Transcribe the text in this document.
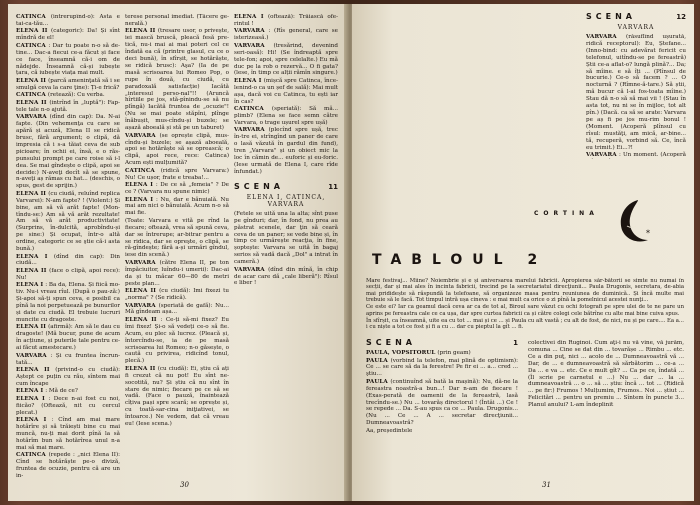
CATINCA (intrerupînd-o): Ăsta e tai-ca-tău...

ELENA II (categoric): Da! Și sînt mîndră de el!

CATINCA : Dar tu poate n-o să de-tine... Dac-a fiecui ce-a făcut și face ce face, înseamnă că-i om de nădejde. Înseamnă că-și iubește țara, că iubește viața mai mult.

ELENA II (parcă ameninţată să i se smulgă ceva la care ţine): Ți-e frică?

CATINCA (retează): Cu verba.

ELENA II (intrînd în „luptă"): Fap-tele tale n-o ajută.

VARVARA (dînd din cap): Da. N-ai fapte. (Din vehemenţa cu care se apără și acuză, Elena II se ridică brusc, fără argument; o clipă, dă impresia că i s-a tăiat ceva de sub picioare; în ochii ei, însă, e o răs-punsului prompt pe care roise să i-l dea. Se mai gîndește o clipă, apoi se decide:) N-aveţi decît să se spune, n-aveţi aș rămas cu hat... (deschis, o spus, gest de sprijin.)

ELENA II (cu ciudă, reluînd replica Varvarei): N-am fapte? ! (Violent:) Și bine, am să vă arăt fapte! (Mon-tîndu-se:) Am să vă arăt rezultate! Am să vă arăt productivitate! (Surprins, în-dulcită, aprobîndu-și pe sine:) Și ocupat, într-o altă ordine, categoric ce se ştie că-i asta bună.)

ELENA I (dînd din cap): Din ciudă...

ELENA II (face o clipă, apoi rece): Nu!

ELENA I : Ba da, Elena. Și fiică mo-tiv. Nu-i vreau rîul. (Dupã o pau-ză:) Și-apoi să-ți spun ceva, e posibil ca pînă la noi perpetuează pe bunurilor și date cu ciudă. El trebuie lucruri muncite cu dragoste.

ELENA II (afirmă): Am să le dau cu dragoste! (Mă bucur, pune de acum în acțiune, și puterile tale pentru ce-ai făcut amestecare.)

VARVARA : Și cu fruntea încrun-tată...

ELENA II (privind-o cu ciudă): Aștept ce puțin cu rău, sîntem mai cum încape

ELENA I : Mă de ce?

ELENA I : Dece n-ai fost cu noi, fiicăo? (Oftează, nit cu cercul plecat.)

ELENA I : Cînd am mai mare hotărîre și să trăiești bine cu mai muncă, nu-ți mai dorit pînă la să hotărîm bun să hotărîrea unul n-a mai să mai mare.

CATINCA (repede : „nici Elena II): Cînd se hotărăște pe-o diviză, fruntea de ocuzie, pentru că are un in-

terese personal imediat. (Tăcere ge-nerală.)

ELENA II (tresare usor, o privește, iei mască bruscă, pleacă fesă pre-tică, nu-i mai ai mai poteri cel ce îndată ea că (printre glasul, cu ce o deci bună), în sfîrșit, se hotărăște, se ridică brusc): Aşa? (Ia de pe masă scrisoarea lui Romeo Pop, o rupe în două, cu ciudă, cu paradoxală satisfacție) Iacătă „interesul perso-nal"!! (Aruncă hîrtiile pe jos, stă-pînindu-se să nu plîngă) Iacătă fruntea de „ocuzie"! (Nu se mai poate stăpîni, plînge înăbușit, mus-cîndu-și buzele; se așază aboeală și stă pe un taburet)

VARVARA (se oprește clipă, mus-cîndu-și buzele; se așază aboeală, apoi se hotărăște să se oprească; o clipă, apoi rece, rece: Catinca) Acum ești mulțumită?

CATINCA (ridică spre Varvara:) Nu! Ce ușor, frate e treaba!...

ELENA I : De ce să „femeia" ? De ce ? (Varvara nu spune nimic)

ELENA I : Nu, dar e bănuială. Nu mai am nici o bănuială. Acum n-o să mai fie.

(Toate: Varvara e vită pe rînd la fiecare; oftează, vrea să spună ceva, dar se întrerupe; ar-bitrar pentru a se ridica, dar se opreşte, o clipă, se ră-gîndește; fără a-și urmări gîndul, iese din scenă.)

VARVARA (către Elena II, pe ton împăciuitor, luîndu-i umerii): Dac-ai da și tu măcar 60—80 de metri peste plan...

ELENA II (cu ciudă): Imi fixezi tu „norma" ? (Se ridică).

VARVARA (speriată de gafă): Nu... Mă gîndeam așa...

ELENA II : Ce-ți să-mi fixez? Eu îmi fixez! Și-o să vedeți ce-o să fie. Acum, eu plec să lucrez. (Pleacă și, întorcîndu-se, ia de pe masă scrisoarea lui Romeo; n-o găsește, o caută cu privirea, ridicînd tonul, plecă.)

ELENA II (cu ciudă): Ei, știu că ați fi crezut că nu pot! Eu sînt ne-socotită, nu? Și știu că nu sînt în stare de nimic; fiecare pe ce să se vadă. (Face o pauză, înaintează cîțiva pași spre scară; se oprește și, cu toată-sar-cina iniţiativei, se întoarce.) Ne vedem, dat că vreau eu! (Iese scena.)

ELENA I (oftează): Trăiască ofe-rintul !

VARVARA : (Rîs general, care se isterizeasă.)

VARVARA (tresărind, devenind seri-oasă): Hi! (Se îndreaptă spre tele-fon; apoi, spre celelalte.) Eu mă duc pe la rob o rezervă... O fi gata? (lese, în timp ce alții rămîn singure.)

ELENA I (mișcă spre Catinca, înce-lenind-o ca un șef de sală): Mai mult așa, dacă voi cu Catinca, tu ești iar în cas?

CATINCA (speriată): Să mă... plimb? (Elena se face semn către Varvara, o trage ușurel spre ușă)

VARVARA (plecînd spre ușă, trec în-tre ei, strîngînd un paner de care o lasă văzută în gardul din fund), tren „Varvara" și un obiect mic la loc în cămin de... euforic și eu-foric. (Iese urmată de Elena I, care rîde înfundat.)

SCENA	11
ELENA I, CATINCA, VARVARA

(Fetele se uită una la alta; sînt puse pe gînduri; dar, în fond, nu prea au păstrat scenele, dar ţin să ceară ceva de un paner; se vede bine și, în timp ce urmărește reacţia, în fine, șoptește: Varvara se uită în bagaj serios să vadă dacă „Dol" a intrat în cameră.)

VARVARA (dînd din mînă, în chip de acar care dă „cale liberă"): Rîsul e liber !

30
SCENA	12
VARVARA

VARVARA (răsuflînd ușurată, ridică receptorul): Eu, Ștefane... (Inno-bind: cu adevărat fericit cu telefonul, uitîndu-se pe fereastră) Știi ce-a aflat-o? lungă plină?... Da; să mîine. e să îți ... (Plînsul de bucurie.) Ce-o să facem ? ... O nocturnă ? (Rîmne-ă-tare.) Să știi, mă bucur că l-ai fos-toata mîine.) Stau dă n-o să să mai vii ! (Stau în asta tot, nu ni se în mijloc, tot alt pîn.) (Dacă. ca să se arate: Varvara pe aș fi pe jos mu-rim bonul ! (Moment. (Acoperă plînsul cu rîsul: mustăţi, am mică, ar-bine... tă, recuperă, vorbind să. Ce, încă eu trimit.) Ei...?!

VARVARA : Un moment. (Acoperă

CORTINA
*
TABLOUL 2

Mare festivaj... Mîine? Noiembrie și e și aniversarea marelui fabricii. Apropierea săr-bătorii se simte nu numai în secții, dar și mai ales în incinta fabricii, trecind pe la secretariatul direcţiunii... Paula Drugonis, secretara, de-abia mai prididește să răspundă la telefoane, să organizeze masa pentru reuniunea de duminică.. Și încă multe mai trebuie să le facă. Tot timpul intră ușa cineva : e mai mult ca orice o zi pînă la pomelnicul acestei nunţi...

Ce este ei? Iar ca geamul dacă ceva ar ca de tot al, Biroul sare văzut cu ochi fotografi pe spre ulei de te ne pare un aprins pe fereastra cale ce ca ușa, dar spre curtea fabricii ca și către colegi cele bătrîne cu alte mai bine cuiva spus.

În sfîrșit, ca înseamnă, uite ea cu tot ... mai și ce ... și Paula cu alt vastă ; cu alt de fost, de nici, nu și pe care.... Ea a... i cu niște a tot ce fost și fi a cu ... dar cu pieptul la gît ... fi.

SCENA	1

PAULA, VOPSITORUL (prin geam)

PAULA (vorbind la telefon, mai plină de optimism): Ce ... se care să da la ferestre! Pe fir ei ... a... cred ... ştiu...

PAULA (continuînd să bată la mașină): Nu, dă-ne la fereastra noastră-a bun...! Dar n-am de fiecare ! (Exas-perată de oamenii de la fereastră, lasă trecîndu-se.) Nu ... tovarăș directorul ! (Întâi ...) Ce ! se repede ... Da. S-au spus ca ce ... Paula. Drugonis... (Nu ... Ce ... A ... secretar direcţiunii... Dumneavoastră?

Aa, președintele

colectivei din Ruginoi. Cum aţi-i nu vă vine, vă jurăm, comuna ... Cine se dat din ... tovarășe ... Rimbu ... etc. Ce a din puţ, nici ... acolo de ... Dumneavoastră vă ... Dar, de ... e dumneavoastră să sărbătorim ... ce-a ... Da ... e va ... etc. Ce e mult gît? ... Ca pe ce, îndată ... (Îl scrie pe carnetul e ...) Nu ... dar ... la ... dumneavoastră ... o ... să ... știu: încă ... tot ... (Ridică ... pe fir:) Frumos ! Mulțumim, Frumos.. Noi ... știut ... Felicitări ... pentru un premiu ... Sîntem în puncte 3... Planul anului? L-am îndeplinit

31
